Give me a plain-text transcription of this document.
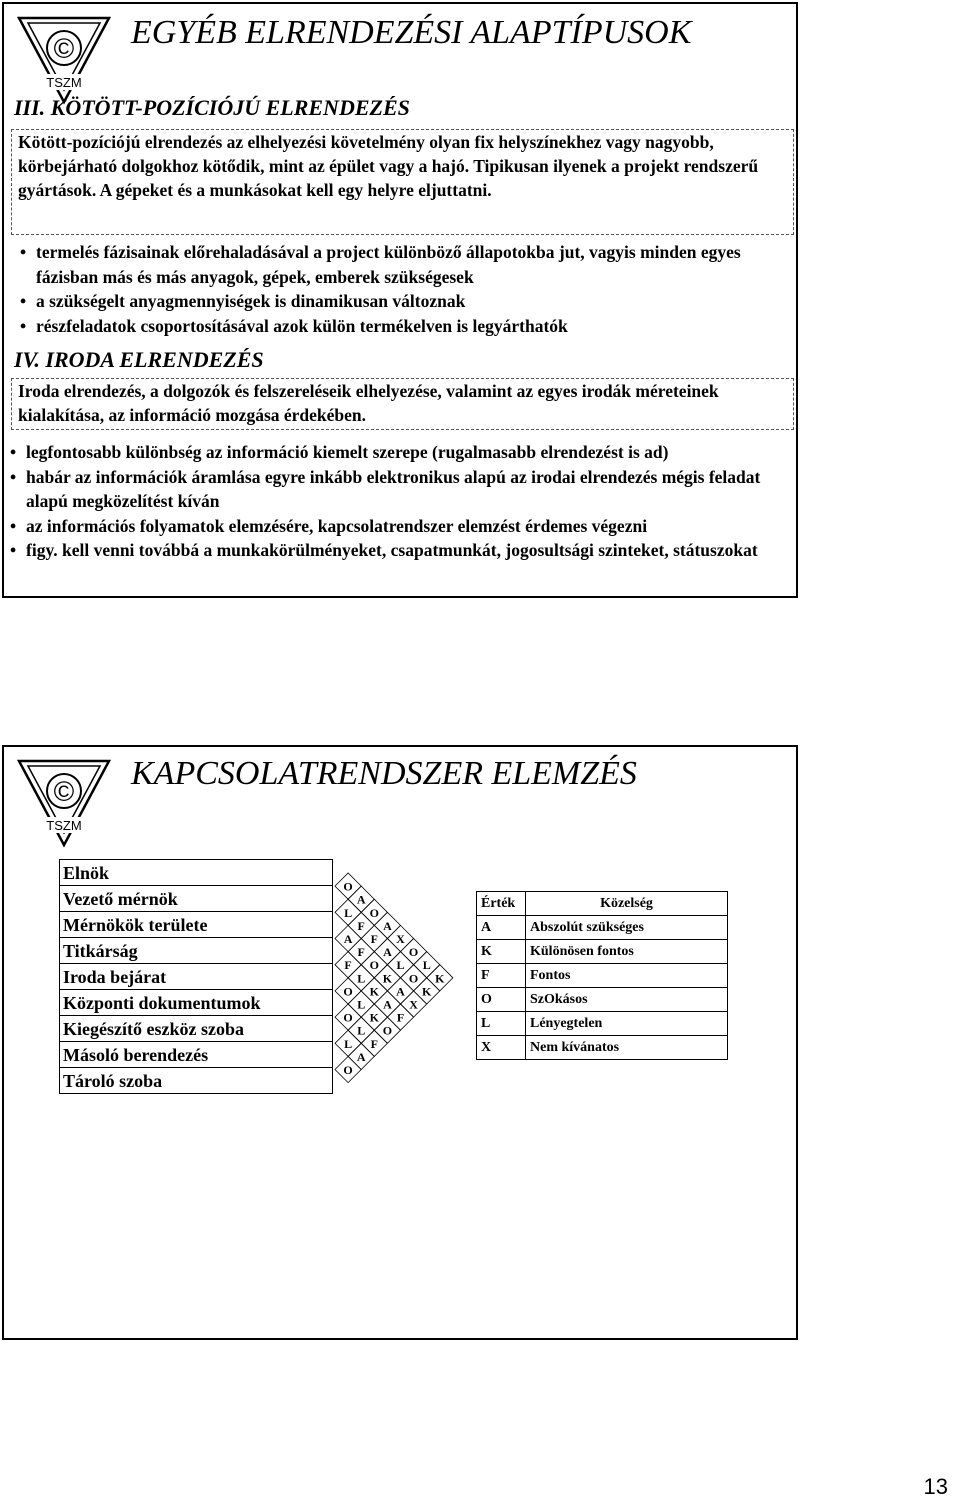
©
TSZM
EGYÉB ELRENDEZÉSI ALAPTÍPUSOK
III. KÖTÖTT-POZÍCIÓJÚ ELRENDEZÉS
Kötött-pozíciójú elrendezés az elhelyezési követelmény olyan fix helyszínekhez vagy nagyobb, körbejárható dolgokhoz kötődik, mint az épület vagy a hajó. Tipikusan ilyenek a projekt rendszerű gyártások. A gépeket és a munkásokat kell egy helyre eljuttatni.
• termelés fázisainak előrehaladásával a project különböző állapotokba jut, vagyis minden egyes fázisban más és más anyagok, gépek, emberek szükségesek
• a szükségelt anyagmennyiségek is dinamikusan változnak
• részfeladatok csoportosításával azok külön termékelven is legyárthatók
IV. IRODA ELRENDEZÉS
Iroda elrendezés, a dolgozók és felszereléseik elhelyezése, valamint az egyes irodák méreteinek kialakítása, az információ mozgása érdekében.
• legfontosabb különbség az információ kiemelt szerepe (rugalmasabb elrendezést is ad)
• habár az információk áramlása egyre inkább elektronikus alapú az irodai elrendezés mégis feladat alapú megközelítést kíván
• az információs folyamatok elemzésére, kapcsolatrendszer elemzést érdemes végezni
• figy. kell venni továbbá a munkakörülményeket, csapatmunkát, jogosultsági szinteket, státuszokat
©
TSZM
KAPCSOLATRENDSZER ELEMZÉS
Elnök
Vezető mérnök
Mérnökök területe
Titkárság
Iroda bejárat
Központi dokumentumok
Kiegészítő eszköz szoba
Másoló berendezés
Tároló szoba
O
A
O
A
X
O
L
K
L
F
F
A
L
O
K
A
F
O
K
A
X
F
L
K
A
F
O
L
K
O
O
L
F
L
A
O
Érték	Közelség
A	Abszolút szükséges
K	Különösen fontos
F	Fontos
O	SzOkásos
L	Lényegtelen
X	Nem kívánatos
13
